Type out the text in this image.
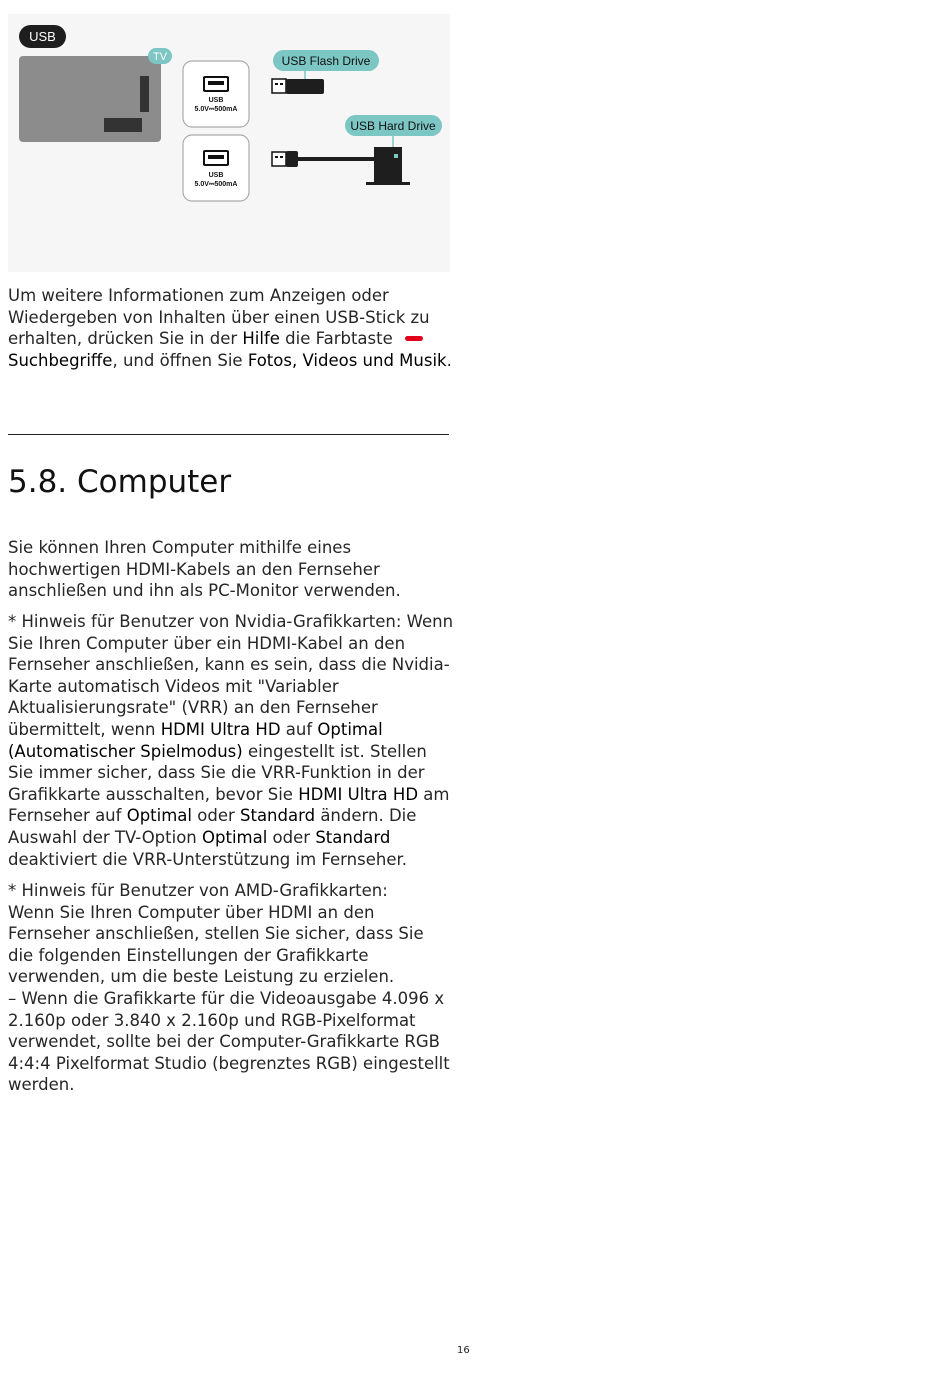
USB
TV
USB
5.0V⎓500mA
USB
5.0V⎓500mA
USB Flash Drive
USB Hard Drive

Um weitere Informationen zum Anzeigen oder Wiedergeben von Inhalten über einen USB-Stick zu erhalten, drücken Sie in der Hilfe die FarbtasteSuchbegriffe, und öffnen Sie Fotos, Videos und Musik.

5.8. Computer

Sie können Ihren Computer mithilfe eines hochwertigen HDMI-Kabels an den Fernseher anschließen und ihn als PC-Monitor verwenden.

* Hinweis für Benutzer von Nvidia-Grafikkarten: Wenn Sie Ihren Computer über ein HDMI-Kabel an den Fernseher anschließen, kann es sein, dass die Nvidia-Karte automatisch Videos mit "Variabler Aktualisierungsrate" (VRR) an den Fernseher übermittelt, wenn HDMI Ultra HD auf Optimal (Automatischer Spielmodus) eingestellt ist. Stellen Sie immer sicher, dass Sie die VRR-Funktion in der Grafikkarte ausschalten, bevor Sie HDMI Ultra HD am Fernseher auf Optimal oder Standard ändern. Die Auswahl der TV-Option Optimal oder Standard deaktiviert die VRR-Unterstützung im Fernseher.

* Hinweis für Benutzer von AMD-Grafikkarten:

Wenn Sie Ihren Computer über HDMI an den Fernseher anschließen, stellen Sie sicher, dass Sie die folgenden Einstellungen der Grafikkarte verwenden, um die beste Leistung zu erzielen.

– Wenn die Grafikkarte für die Videoausgabe 4.096 x 2.160p oder 3.840 x 2.160p und RGB-Pixelformat verwendet, sollte bei der Computer-Grafikkarte RGB 4:4:4 Pixelformat Studio (begrenztes RGB) eingestellt werden.

16
